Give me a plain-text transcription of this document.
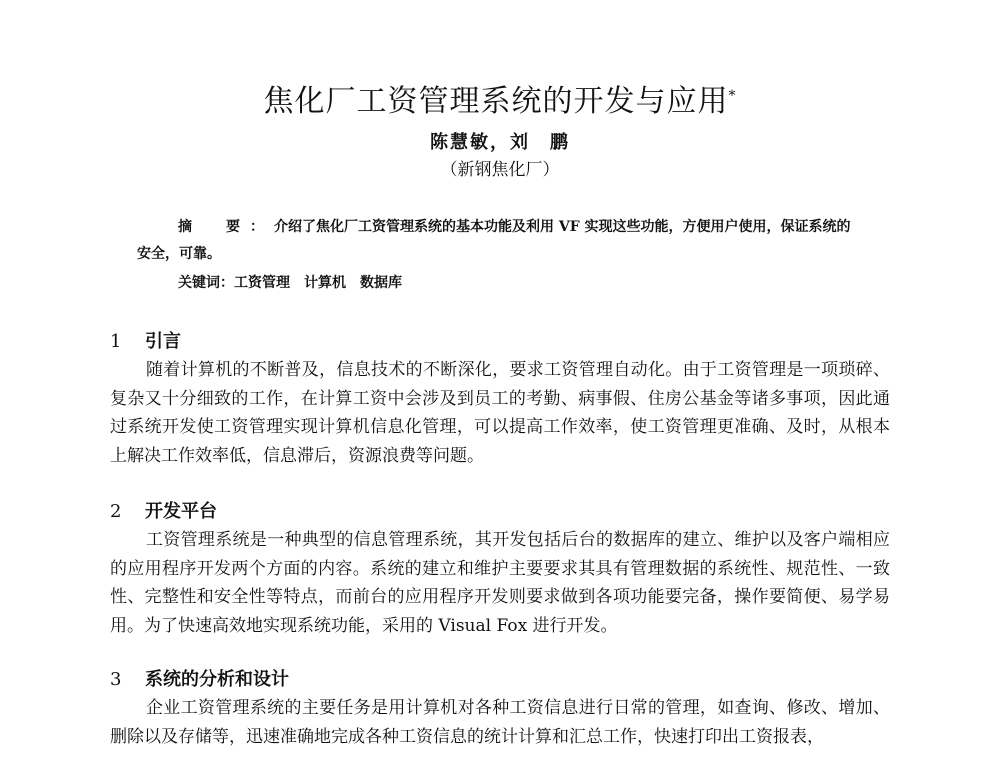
焦化厂工资管理系统的开发与应用*
陈慧敏，刘　鹏
（新钢焦化厂）
摘　要：介绍了焦化厂工资管理系统的基本功能及利用 VF 实现这些功能，方便用户使用，保证系统的安全，可靠。
关键词：工资管理 计算机 数据库
1 引言
随着计算机的不断普及，信息技术的不断深化，要求工资管理自动化。由于工资管理是一项琐碎、复杂又十分细致的工作，在计算工资中会涉及到员工的考勤、病事假、住房公基金等诸多事项，因此通过系统开发使工资管理实现计算机信息化管理，可以提高工作效率，使工资管理更准确、及时，从根本上解决工作效率低，信息滞后，资源浪费等问题。
2 开发平台
工资管理系统是一种典型的信息管理系统，其开发包括后台的数据库的建立、维护以及客户端相应的应用程序开发两个方面的内容。系统的建立和维护主要要求其具有管理数据的系统性、规范性、一致性、完整性和安全性等特点，而前台的应用程序开发则要求做到各项功能要完备，操作要简便、易学易用。为了快速高效地实现系统功能，采用的 Visual Fox 进行开发。
3 系统的分析和设计
企业工资管理系统的主要任务是用计算机对各种工资信息进行日常的管理，如查询、修改、增加、删除以及存储等，迅速准确地完成各种工资信息的统计计算和汇总工作，快速打印出工资报表，
